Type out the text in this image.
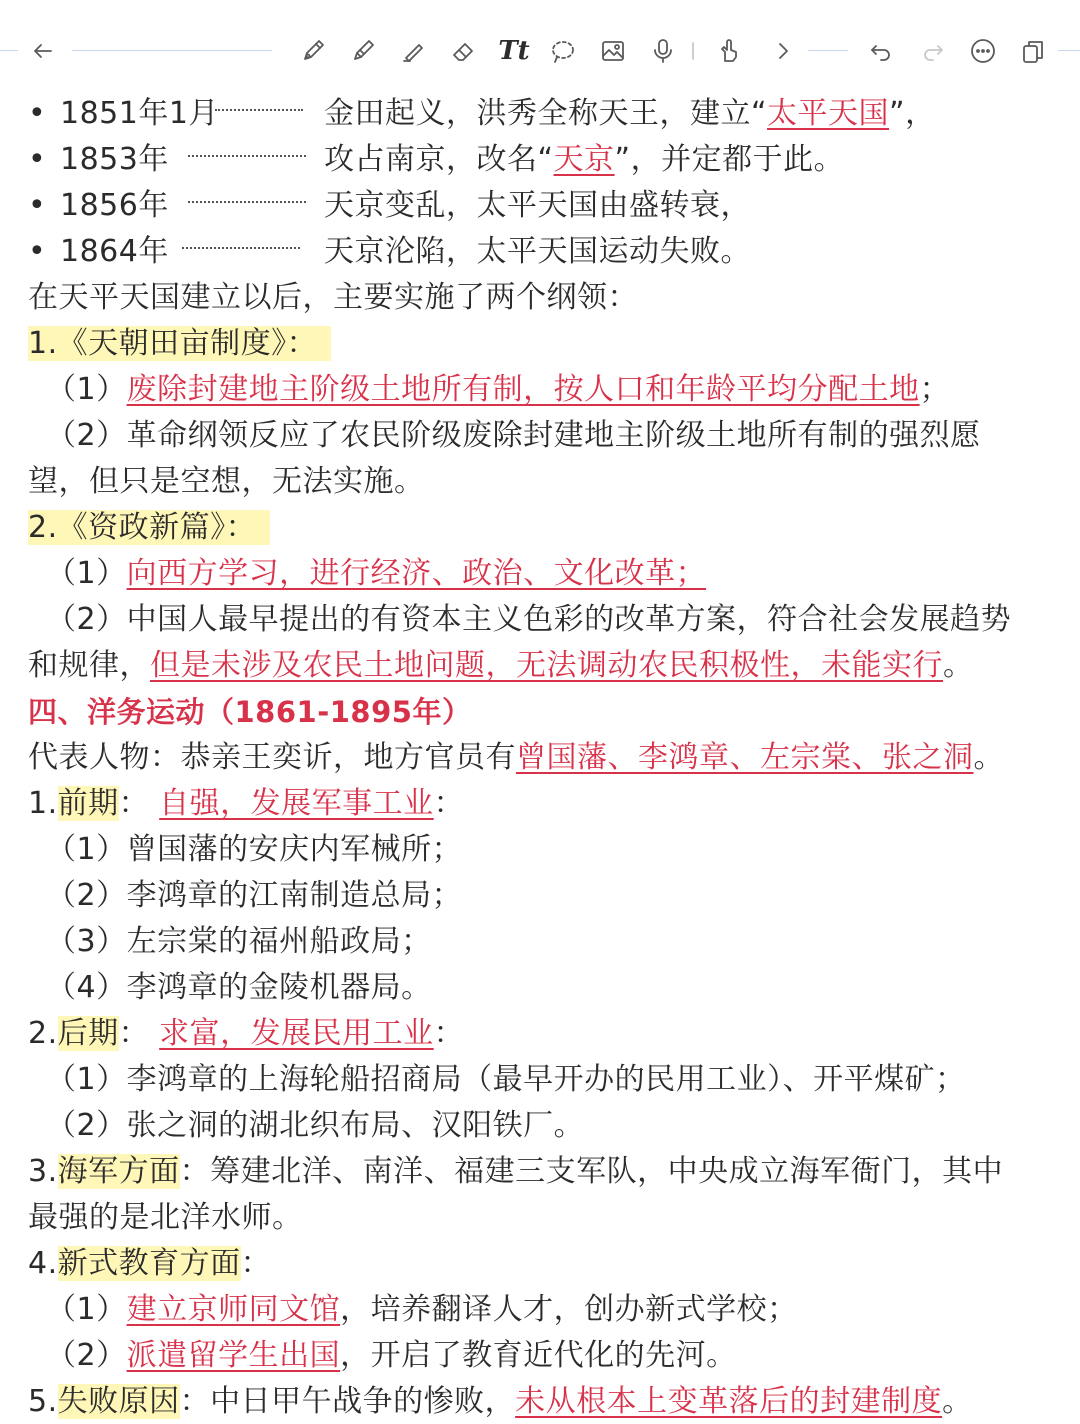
Tt
• 1851年1月	金田起义，洪秀全称天王，建立“太平天国”，
• 1853年	攻占南京，改名“天京”，并定都于此。
• 1856年	天京变乱，太平天国由盛转衰，
• 1864年	天京沦陷，太平天国运动失败。
在天平天国建立以后，主要实施了两个纲领：
1.《天朝田亩制度》：
（1）废除封建地主阶级土地所有制，按人口和年龄平均分配土地；
（2）革命纲领反应了农民阶级废除封建地主阶级土地所有制的强烈愿
望，但只是空想，无法实施。
2.《资政新篇》：
（1）向西方学习，进行经济、政治、文化改革；
（2）中国人最早提出的有资本主义色彩的改革方案，符合社会发展趋势
和规律，但是未涉及农民土地问题，无法调动农民积极性，未能实行。
四、洋务运动（1861-1895年）
代表人物：恭亲王奕䜣，地方官员有曾国藩、李鸿章、左宗棠、张之洞。
1.前期： 自强，发展军事工业：
（1）曾国藩的安庆内军械所；
（2）李鸿章的江南制造总局；
（3）左宗棠的福州船政局；
（4）李鸿章的金陵机器局。
2.后期： 求富，发展民用工业：
（1）李鸿章的上海轮船招商局（最早开办的民用工业）、开平煤矿；
（2）张之洞的湖北织布局、汉阳铁厂。
3.海军方面：筹建北洋、南洋、福建三支军队，中央成立海军衙门，其中
最强的是北洋水师。
4.新式教育方面：
（1）建立京师同文馆，培养翻译人才，创办新式学校；
（2）派遣留学生出国，开启了教育近代化的先河。
5.失败原因：中日甲午战争的惨败，未从根本上变革落后的封建制度。
